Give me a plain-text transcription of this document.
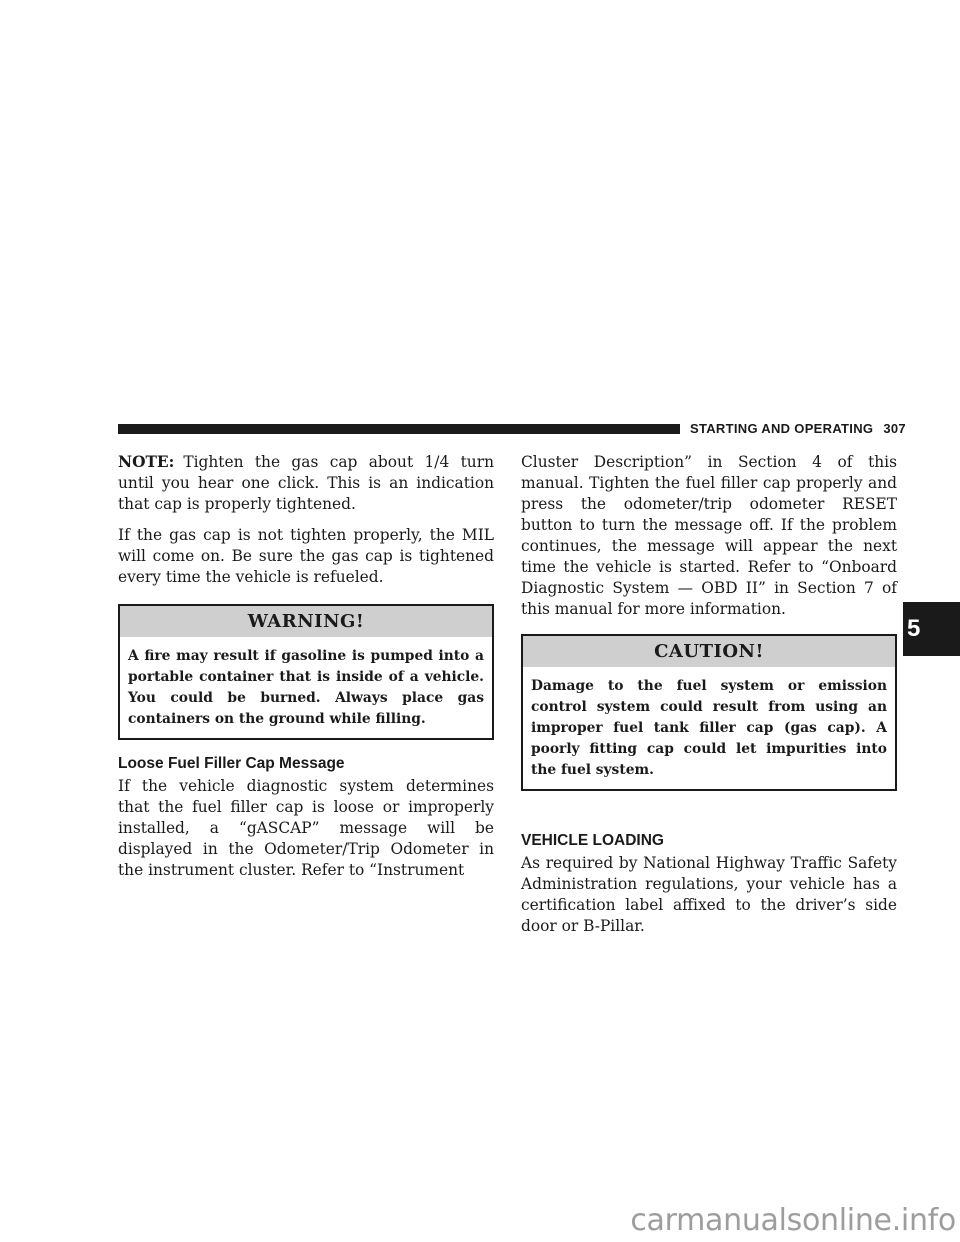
STARTING AND OPERATING 307

NOTE: Tighten the gas cap about 1/4 turn until you hear one click. This is an indication that cap is properly tightened.

If the gas cap is not tighten properly, the MIL will come on. Be sure the gas cap is tightened every time the vehicle is refueled.

WARNING!
A fire may result if gasoline is pumped into a portable container that is inside of a vehicle. You could be burned. Always place gas containers on the ground while filling.
Loose Fuel Filler Cap Message

If the vehicle diagnostic system determines that the fuel filler cap is loose or improperly installed, a “gASCAP” message will be displayed in the Odometer/Trip Odometer in the instrument cluster. Refer to “Instrument

Cluster Description” in Section 4 of this manual. Tighten the fuel filler cap properly and press the odometer/trip odometer RESET button to turn the message off. If the problem continues, the message will appear the next time the vehicle is started. Refer to “Onboard Diagnostic System — OBD II” in Section 7 of this manual for more information.

CAUTION!
Damage to the fuel system or emission control system could result from using an improper fuel tank filler cap (gas cap). A poorly fitting cap could let impurities into the fuel system.
VEHICLE LOADING

As required by National Highway Traffic Safety Administration regulations, your vehicle has a certification label affixed to the driver’s side door or B-Pillar.

5
carmanualsonline.info
